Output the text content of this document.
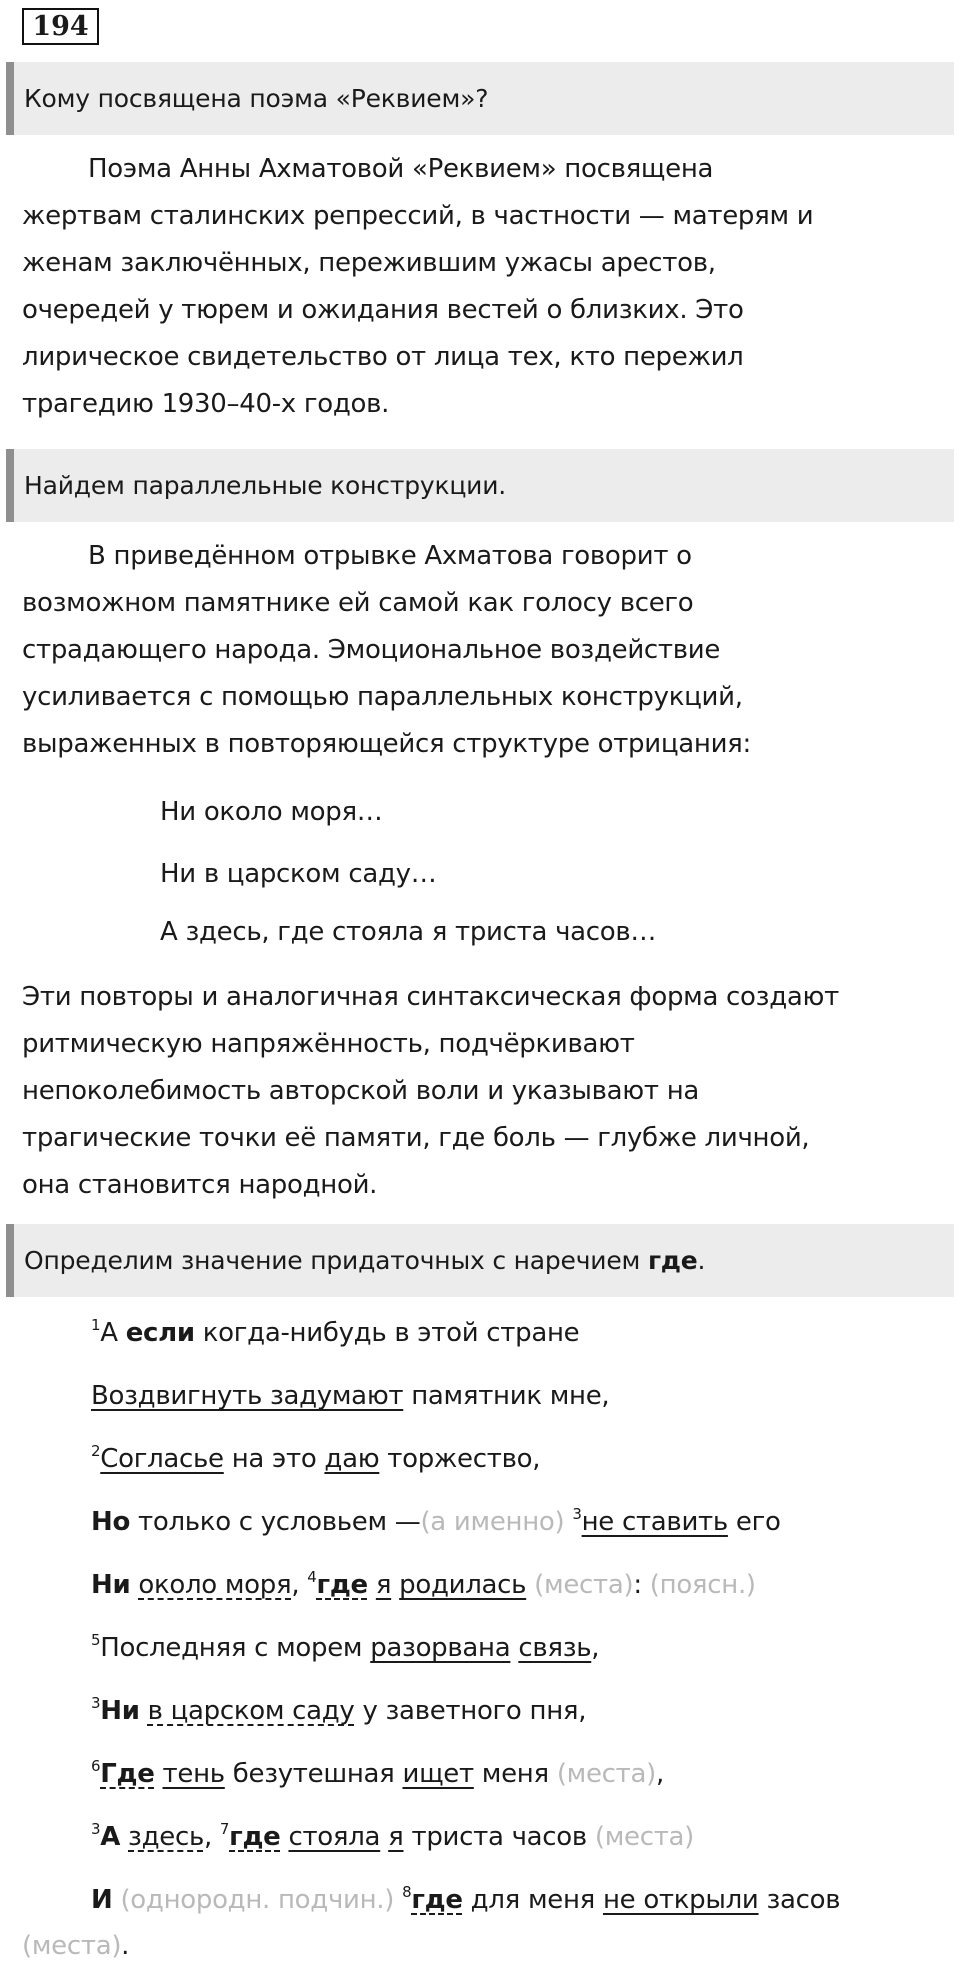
194
Кому посвящена поэма «Реквием»?
Поэма Анны Ахматовой «Реквием» посвящена
жертвам сталинских репрессий, в частности — матерям и
женам заключённых, пережившим ужасы арестов,
очередей у тюрем и ожидания вестей о близких. Это
лирическое свидетельство от лица тех, кто пережил
трагедию 1930–40-х годов.
Найдем параллельные конструкции.
В приведённом отрывке Ахматова говорит о
возможном памятнике ей самой как голосу всего
страдающего народа. Эмоциональное воздействие
усиливается с помощью параллельных конструкций,
выраженных в повторяющейся структуре отрицания:
Ни около моря…
Ни в царском саду…
А здесь, где стояла я триста часов…
Эти повторы и аналогичная синтаксическая форма создают
ритмическую напряжённость, подчёркивают
непоколебимость авторской воли и указывают на
трагические точки её памяти, где боль — глубже личной,
она становится народной.
Определим значение придаточных с наречием где.
$^1$А если когда-нибудь в этой стране
Воздвигнуть задумают памятник мне,
$^2$Согласье на это даю торжество,
Но только с условьем —(а именно) $^3$не ставить его
Ни около моря, $^4$где я родилась (места): (поясн.)
$^5$Последняя с морем разорвана связь,
$^3$Ни в царском саду у заветного пня,
$^6$Где тень безутешная ищет меня (места),
$^3$А здесь, $^7$где стояла я триста часов (места)
И (однородн. подчин.) $^8$где для меня не открыли засов
(места).
